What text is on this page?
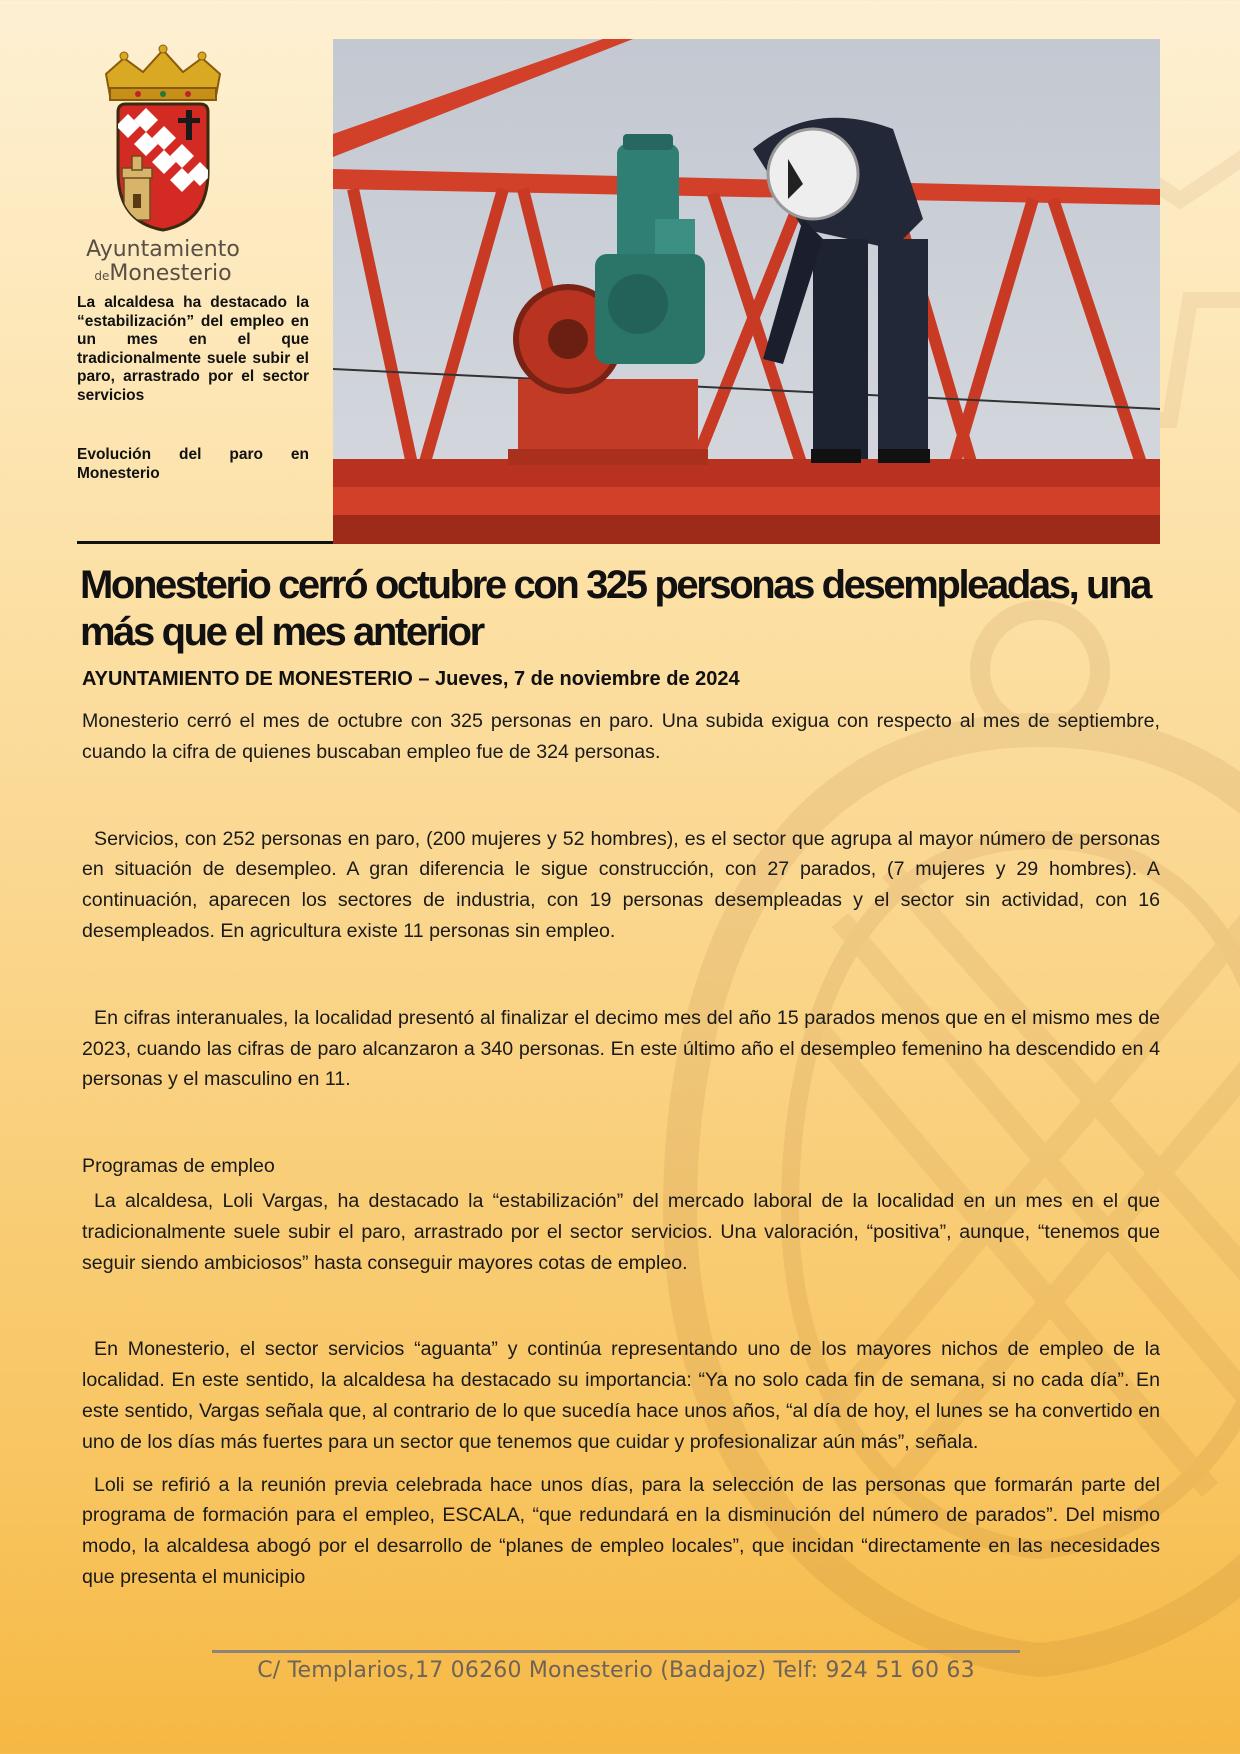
Ayuntamiento
deMonesterio
La alcaldesa ha destacado la “estabilización” del empleo en un mes en el que tradicionalmente suele subir el paro, arrastrado por el sector servicios
Evolución del paro en Monesterio
Monesterio cerró octubre con 325 personas desempleadas, una más que el mes anterior
AYUNTAMIENTO DE MONESTERIO – Jueves, 7 de noviembre de 2024

Monesterio cerró el mes de octubre con 325 personas en paro. Una subida exigua con respecto al mes de septiembre, cuando la cifra de quienes buscaban empleo fue de 324 personas.

Servicios, con 252 personas en paro, (200 mujeres y 52 hombres), es el sector que agrupa al mayor número de personas en situación de desempleo. A gran diferencia le sigue construcción, con 27 parados, (7 mujeres y 29 hombres). A continuación, aparecen los sectores de industria, con 19 personas desempleadas y el sector sin actividad, con 16 desempleados. En agricultura existe 11 personas sin empleo.

En cifras interanuales, la localidad presentó al finalizar el decimo mes del año 15 parados menos que en el mismo mes de 2023, cuando las cifras de paro alcanzaron a 340 personas. En este último año el desempleo femenino ha descendido en 4 personas y el masculino en 11.

Programas de empleo

La alcaldesa, Loli Vargas, ha destacado la “estabilización” del mercado laboral de la localidad en un mes en el que tradicionalmente suele subir el paro, arrastrado por el sector servicios. Una valoración, “positiva”, aunque, “tenemos que seguir siendo ambiciosos” hasta conseguir mayores cotas de empleo.

En Monesterio, el sector servicios “aguanta” y continúa representando uno de los mayores nichos de empleo de la localidad. En este sentido, la alcaldesa ha destacado su importancia: “Ya no solo cada fin de semana, si no cada día”. En este sentido, Vargas señala que, al contrario de lo que sucedía hace unos años, “al día de hoy, el lunes se ha convertido en uno de los días más fuertes para un sector que tenemos que cuidar y profesionalizar aún más”, señala.

Loli se refirió a la reunión previa celebrada hace unos días, para la selección de las personas que formarán parte del programa de formación para el empleo, ESCALA, “que redundará en la disminución del número de parados”. Del mismo modo, la alcaldesa abogó por el desarrollo de “planes de empleo locales”, que incidan “directamente en las necesidades que presenta el municipio

C/ Templarios,17 06260 Monesterio (Badajoz) Telf: 924 51 60 63
